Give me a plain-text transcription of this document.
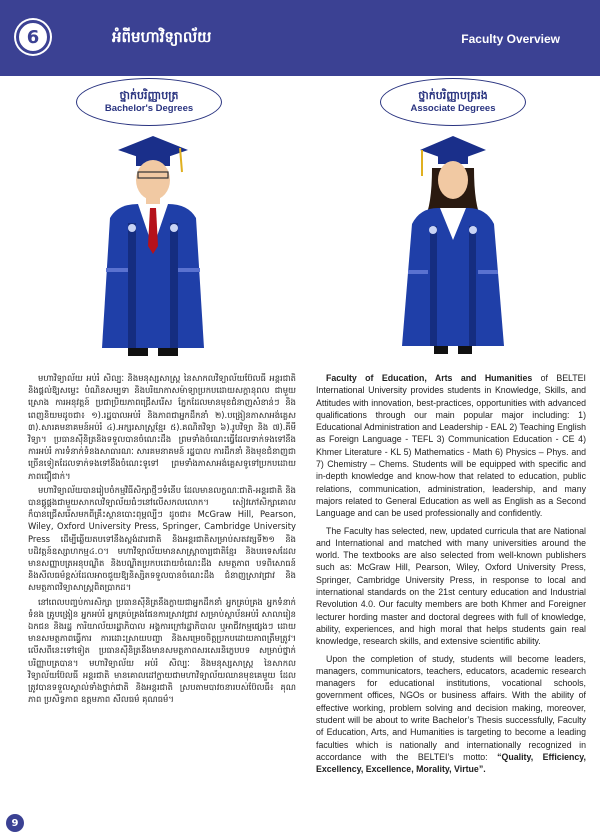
6	អំពីមហាវិទ្យាល័យ	Faculty Overview
ថ្នាក់បរិញ្ញាបត្រ
Bachelor's Degrees
ថ្នាក់បរិញ្ញាបត្ររង
Associate Degrees

មហាវិទ្យាល័យ អប់រំ សិល្បៈ និងមនុស្សសាស្ត្រ នៃសាកលវិទ្យាល័យប៊ែលធី អន្តរជាតិ និងផ្តល់ឱ្យសម្ទេះ បំណិនសម្បទា និងបរិយាកាសម៉ាទ្យាប្រកបដោយសក្តានុពល ជាមួយស្រោង ការអនុវត្តន៍ ប្រជាប្រិយភាពជ្រើសរើស ភ្នែកដែលមានមុខជំនាញសំខាន់ៗ និងពេញនិយមដូចជា៖ ១).រដ្ឋបាលអប់រំ និងភាពជាអ្នកដឹកនាំ ២).បង្រៀនភាសាអង់គ្លេស ៣).សារគមនាគមន៍អប់រំ ៤).អក្សរសាស្ត្រខ្មែរ ៥).គណិតវិទ្យា ៦).រូបវិទ្យា និង ៧).គីមីវិទ្យា។ ប្រធានស៊ីនិត្រនិងទទួលបានចំណេះដឹង ព្រមទាំងចំណេះធ្វើដែលទាក់ទងទៅនឹងការអប់រំ ការទំនាក់ទំនងសាធារណៈ សារគមនាគមន៍ រដ្ឋបាល ការដឹកនាំ និងមុខជំនាញជាច្រើនទៀតដែលទាក់ទងទៅនឹងចំណេះទូទៅ ព្រមទាំងភាសាអង់គ្លេសទូទៅប្រកបដោយភាពជឿជាក់។

មហាវិទ្យាល័យបានរៀបចំកម្មវិធីសិក្សាថ្មីៗទំនើប ដែលមានលក្ខណៈជាតិ-អន្តរជាតិ និងបានផ្គូផ្គងជាមួយសាកលវិទ្យាល័យធំៗនៅលើសកលលោក។ សៀវភៅសិក្សាគោល ក៏បានជ្រើសរើសមកពីគ្រឹះស្ថានបោះពុម្ពល្បីៗ ដូចជា៖ McGraw Hill, Pearson, Wiley, Oxford University Press, Springer, Cambridge University Press ដើម្បីឆ្លើយតបទៅនឹងស្តង់ដារជាតិ និងអន្តរជាតិសម្រាប់សតវត្សទី២១ និងបដិវត្តន៍ឧស្សាហកម្ម៤.០។ មហាវិទ្យាល័យមានសាស្ត្រាចារ្យជាតិខ្មែរ និងបរទេសដែលមានសញ្ញាបត្រអនុបណ្ឌិត និងបណ្ឌិតប្រកបដោយចំណេះដឹង សមត្ថភាព បទពិសោធន៍ និងសីលធម៌ខ្ពស់ដែលអាចជួយឱ្យនិស្សិតទទួលបានចំណេះដឹង ជំនាញស្រាវជ្រាវ និងសមត្ថភាពវិទ្យាសាស្ត្រពិតប្រាកដ។

នៅពេលបញ្ចប់ការសិក្សា ប្រធានស៊ីនិត្រនឹងក្លាយជាអ្នកដឹកនាំ អ្នកគ្រប់គ្រង អ្នកទំនាក់ទំនង គ្រូបង្រៀន អ្នកអប់រំ អ្នកគ្រប់គ្រងផែនការស្រាវជ្រាវ សម្រាប់ស្ថាប័នអប់រំ សាលារៀនឯកជន និងរដ្ឋ ការិយាល័យរដ្ឋាភិបាល អង្គការក្រៅរដ្ឋាភិបាល ឬអាជីវកម្មផ្សេងៗ ដោយមានសមត្ថភាពធ្វើការ ការដោះស្រាយបញ្ហា និងសម្រេចចិត្តប្រកបដោយភាពត្រឹមត្រូវ។ លើសពីនេះទៅទៀត ប្រធានស៊ីនិត្រនឹងមានសមត្ថភាពសរសេរនិក្ខេបបទ សម្រាប់ថ្នាក់បរិញ្ញាបត្របាន។ មហាវិទ្យាល័យ អប់រំ សិល្បៈ និងមនុស្សសាស្ត្រ នៃសាកលវិទ្យាល័យប៊ែលធី អន្តរជាតិ មានគោលដៅក្លាយជាមហាវិទ្យាល័យឈានមុខគេមួយ ដែលត្រូវបានទទួលស្គាល់ទាំងថ្នាក់ជាតិ និងអន្តរជាតិ ស្របតាមបាវចនារបស់ប៊ែលធី៖ គុណភាព ប្រសិទ្ធភាព ឧត្តមភាព សីលធម៌ គុណធម៌។

Faculty of Education, Arts and Humanities of BELTEI International University provides students in Knowledge, Skills, and Attitudes with innovation, best-practices, opportunities with advanced qualifications through our main popular major including: 1) Educational Administration and Leadership - EAL 2) Teaching English as Foreign Language - TEFL 3) Communication Education - CE 4) Khmer Literature - KL 5) Mathematics - Math 6) Physics – Phys. and 7) Chemistry – Chems. Students will be equipped with specific and in-depth knowledge and know-how that related to education, public relations, communication, administration, leadership, and many majors related to General Education as well as English as a Second Language and can be used professionally and confidently.

The Faculty has selected, new, updated curricula that are National and International and matched with many universities around the world. The textbooks are also selected from well-known publishers such as: McGraw Hill, Pearson, Wiley, Oxford University Press, Springer, Cambridge University Press, in response to local and international standards on the 21st century education and Industrial Revolution 4.0. Our faculty members are both Khmer and Foreigner lecturer hording master and doctoral degrees with full of knowledge, ability, experiences, and high moral that helps students gain real knowledge, research skills, and extensive scientific ability.

Upon the completion of study, students will become leaders, managers, communicators, teachers, educators, academic research managers for educational institutions, vocational schools, government offices, NGOs or business affairs. With the ability of effective working, problem solving and decision making, moreover, student will be about to write Bachelor’s Thesis successfully, Faculty of Education, Arts, and Humanities is targeting to become a leading faculties which is nationally and internationally recognized in accordance with the BELTEI’s motto: “Quality, Efficiency, Excellency, Excellence, Morality, Virtue”.

9
